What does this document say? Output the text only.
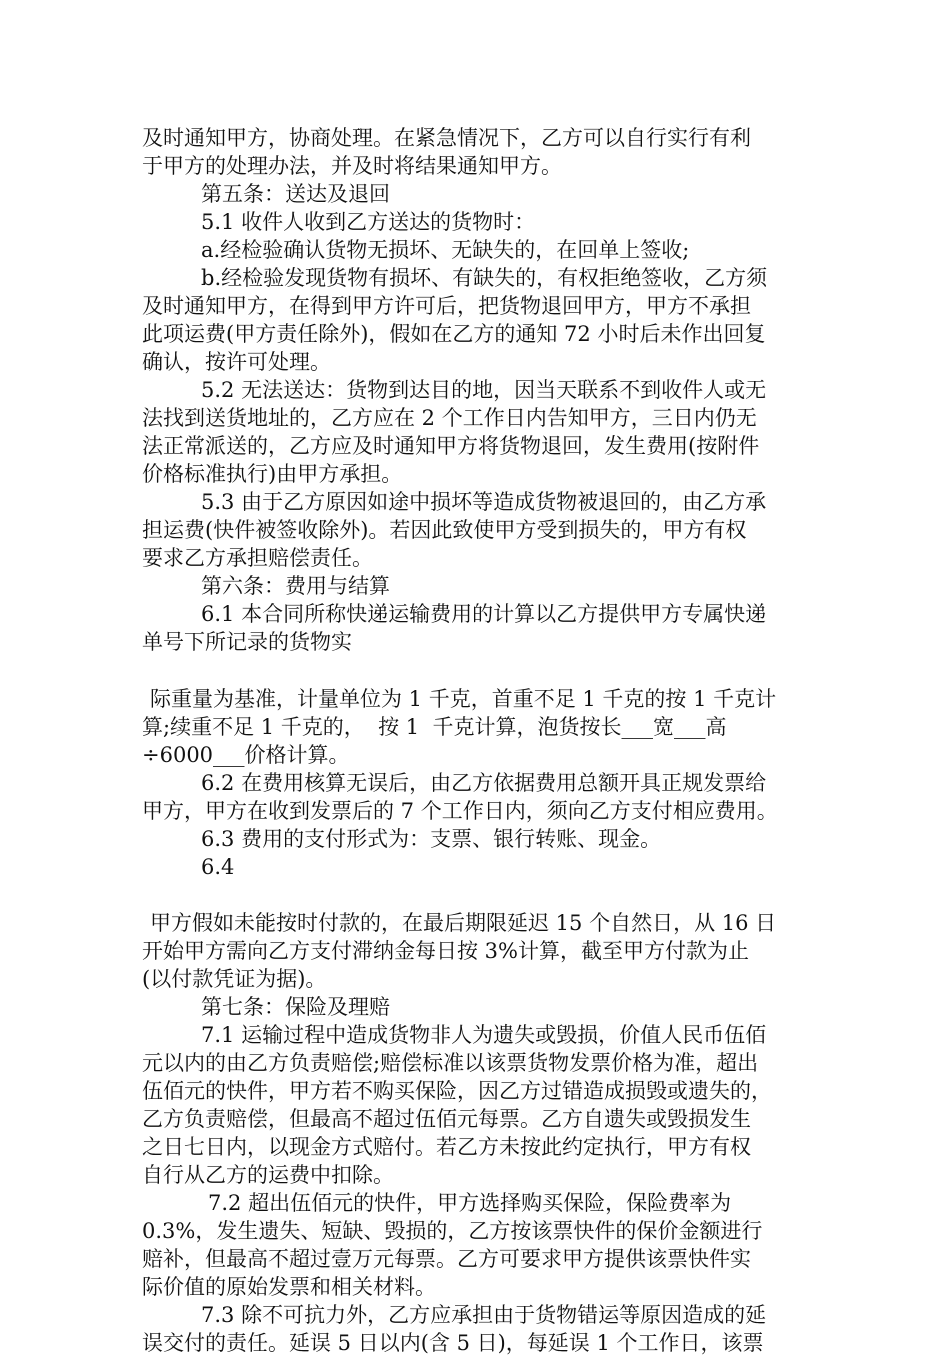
及时通知甲方，协商处理。在紧急情况下，乙方可以自行实行有利
于甲方的处理办法，并及时将结果通知甲方。
第五条：送达及退回
5.1 收件人收到乙方送达的货物时：
a.经检验确认货物无损坏、无缺失的，在回单上签收;
b.经检验发现货物有损坏、有缺失的，有权拒绝签收，乙方须
及时通知甲方，在得到甲方许可后，把货物退回甲方，甲方不承担
此项运费(甲方责任除外)，假如在乙方的通知 72 小时后未作出回复
确认，按许可处理。
5.2 无法送达：货物到达目的地，因当天联系不到收件人或无
法找到送货地址的，乙方应在 2 个工作日内告知甲方，三日内仍无
法正常派送的，乙方应及时通知甲方将货物退回，发生费用(按附件
价格标准执行)由甲方承担。
5.3 由于乙方原因如途中损坏等造成货物被退回的，由乙方承
担运费(快件被签收除外)。若因此致使甲方受到损失的，甲方有权
要求乙方承担赔偿责任。
第六条：费用与结算
6.1 本合同所称快递运输费用的计算以乙方提供甲方专属快递
单号下所记录的货物实
际重量为基准，计量单位为 1 千克，首重不足 1 千克的按 1 千克计
算;续重不足 1 千克的，  按 1  千克计算，泡货按长___宽___高
÷6000___价格计算。
6.2 在费用核算无误后，由乙方依据费用总额开具正规发票给
甲方，甲方在收到发票后的 7 个工作日内，须向乙方支付相应费用。
6.3 费用的支付形式为：支票、银行转账、现金。
6.4
甲方假如未能按时付款的，在最后期限延迟 15 个自然日，从 16 日
开始甲方需向乙方支付滞纳金每日按 3%计算，截至甲方付款为止
(以付款凭证为据)。
第七条：保险及理赔
7.1 运输过程中造成货物非人为遗失或毁损，价值人民币伍佰
元以内的由乙方负责赔偿;赔偿标准以该票货物发票价格为准，超出
伍佰元的快件，甲方若不购买保险，因乙方过错造成损毁或遗失的，
乙方负责赔偿，但最高不超过伍佰元每票。乙方自遗失或毁损发生
之日七日内，以现金方式赔付。若乙方未按此约定执行，甲方有权
自行从乙方的运费中扣除。
7.2 超出伍佰元的快件，甲方选择购买保险，保险费率为
0.3%，发生遗失、短缺、毁损的，乙方按该票快件的保价金额进行
赔补，但最高不超过壹万元每票。乙方可要求甲方提供该票快件实
际价值的原始发票和相关材料。
7.3 除不可抗力外，乙方应承担由于货物错运等原因造成的延
误交付的责任。延误 5 日以内(含 5 日)，每延误 1 个工作日，该票
